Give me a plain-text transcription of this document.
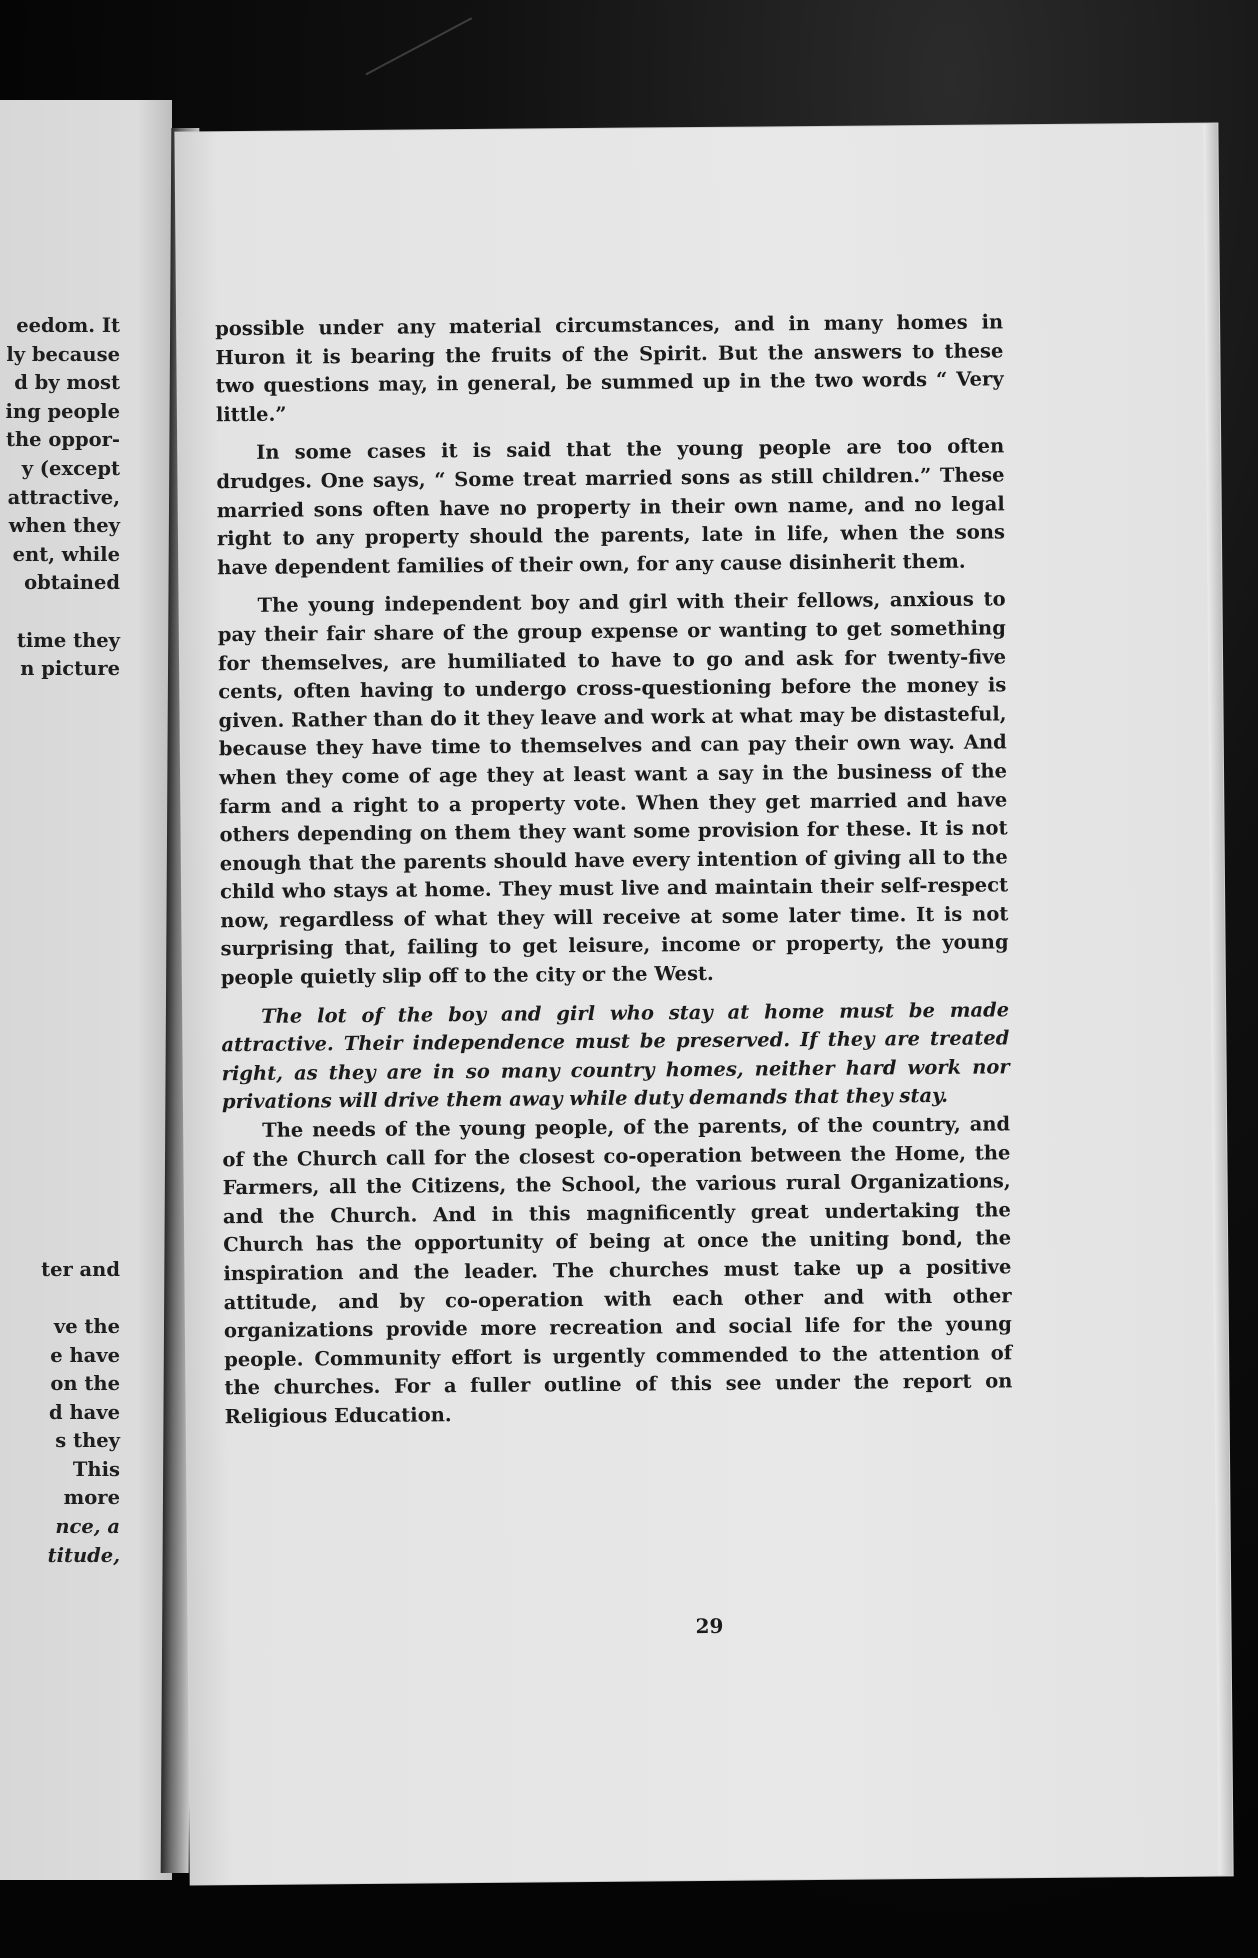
eedom. It
ly because
d by most
ing people
the oppor-
y (except
attractive,
when they
ent, while
obtained
time they
n picture
ter and
ve the
e have
on the
d have
s they
This
more
nce, a
titude,

possible under any material circumstances, and in many homes in Huron it is bearing the fruits of the Spirit. But the answers to these two questions may, in general, be summed up in the two words “ Very little.”

In some cases it is said that the young people are too often drudges. One says, “ Some treat married sons as still children.” These married sons often have no property in their own name, and no legal right to any property should the parents, late in life, when the sons have dependent families of their own, for any cause disinherit them.

The young independent boy and girl with their fellows, anxious to pay their fair share of the group expense or wanting to get something for themselves, are humiliated to have to go and ask for twenty-five cents, often having to undergo cross-questioning before the money is given. Rather than do it they leave and work at what may be distasteful, because they have time to themselves and can pay their own way. And when they come of age they at least want a say in the business of the farm and a right to a property vote. When they get married and have others depending on them they want some provision for these. It is not enough that the parents should have every intention of giving all to the child who stays at home. They must live and maintain their self-respect now, regardless of what they will receive at some later time. It is not surprising that, failing to get leisure, income or property, the young people quietly slip off to the city or the West.

The lot of the boy and girl who stay at home must be made attractive. Their independence must be preserved. If they are treated right, as they are in so many country homes, neither hard work nor privations will drive them away while duty demands that they stay.

The needs of the young people, of the parents, of the country, and of the Church call for the closest co-operation between the Home, the Farmers, all the Citizens, the School, the various rural Organizations, and the Church. And in this magnificently great undertaking the Church has the opportunity of being at once the uniting bond, the inspiration and the leader. The churches must take up a positive attitude, and by co-operation with each other and with other organizations provide more recreation and social life for the young people. Community effort is urgently commended to the attention of the churches. For a fuller outline of this see under the report on Religious Education.

29
